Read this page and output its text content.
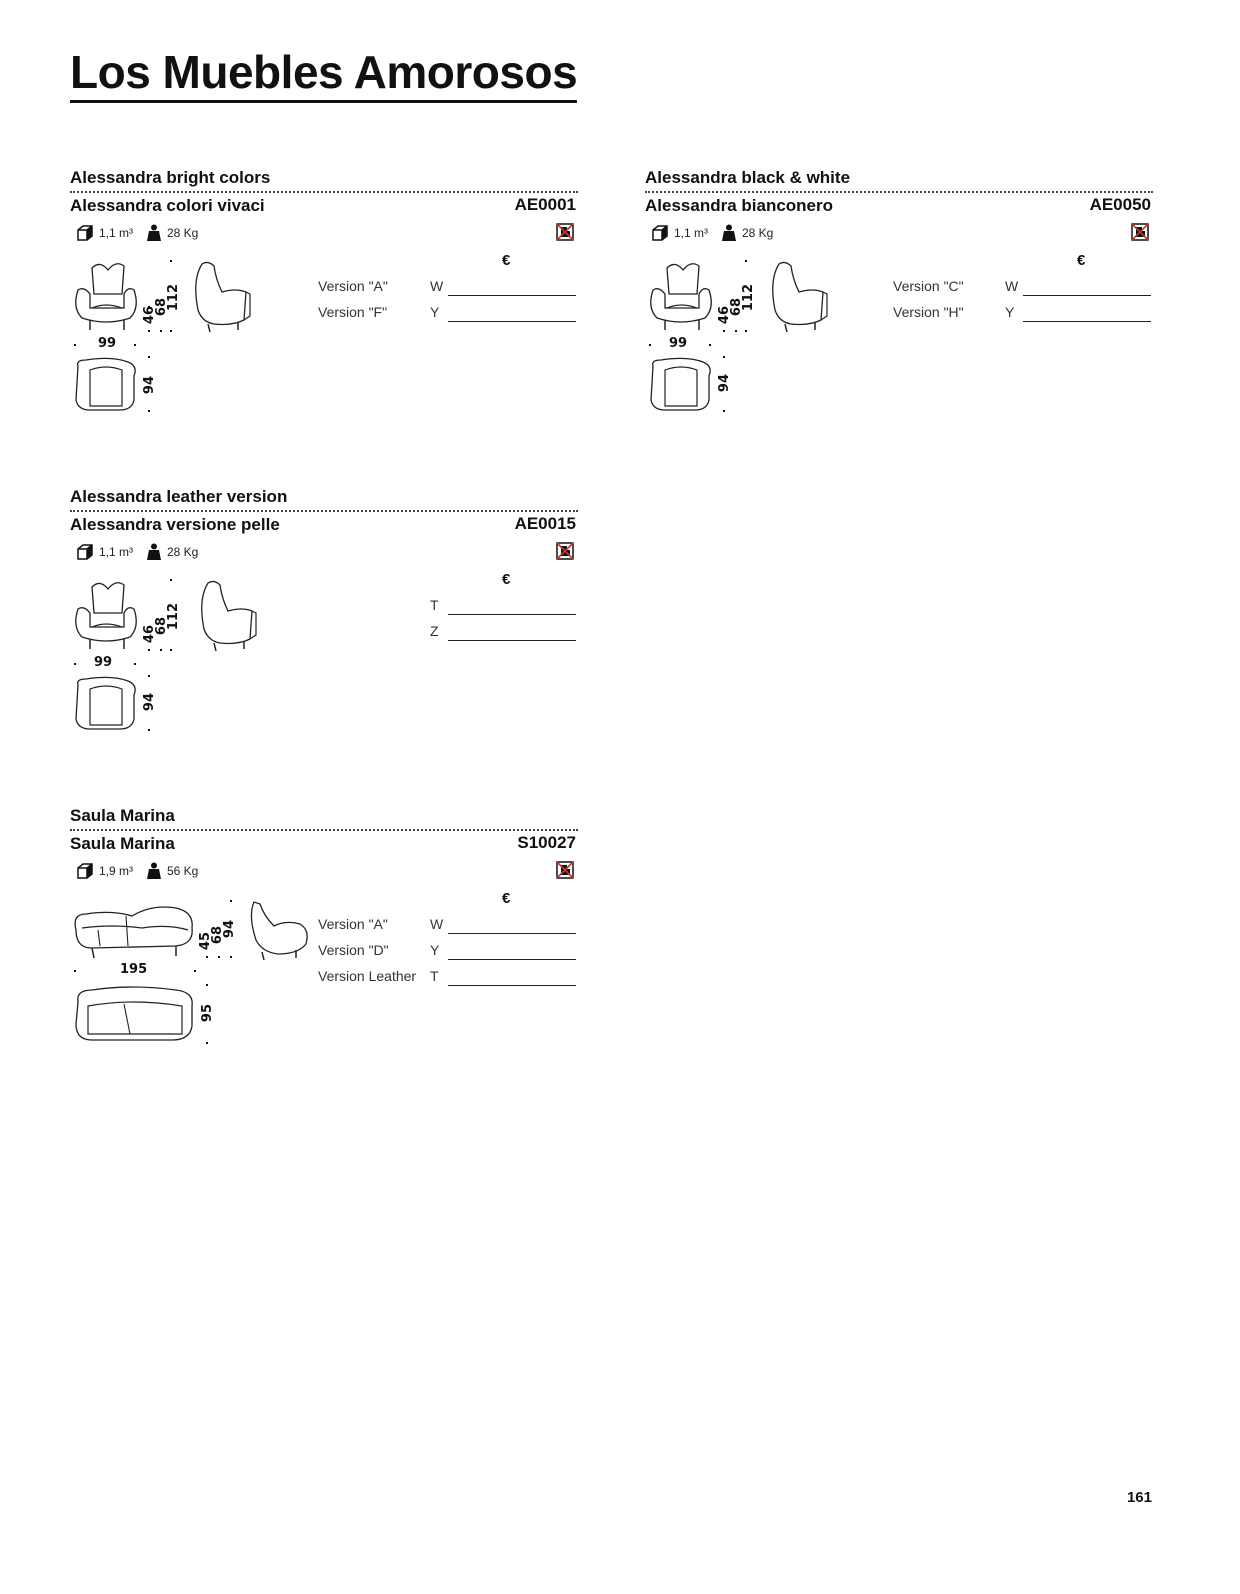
Los Muebles Amorosos
Alessandra bright colors
Alessandra colori vivaci	AE0001
1,1 m³	28 Kg
€
Version "A"	W
Version "F"	Y
46
68
112
99
94
Alessandra black & white
Alessandra bianconero	AE0050
1,1 m³	28 Kg
€
Version "C"	W
Version "H"	Y
46
68
112
99
94
Alessandra leather version
Alessandra versione pelle	AE0015
1,1 m³	28 Kg
€
T
Z
46
68
112
99
94
Saula Marina
Saula Marina	S10027
1,9 m³	56 Kg
€
Version "A"	W
Version "D"	Y
Version Leather T
45
68
94
195
95
161
